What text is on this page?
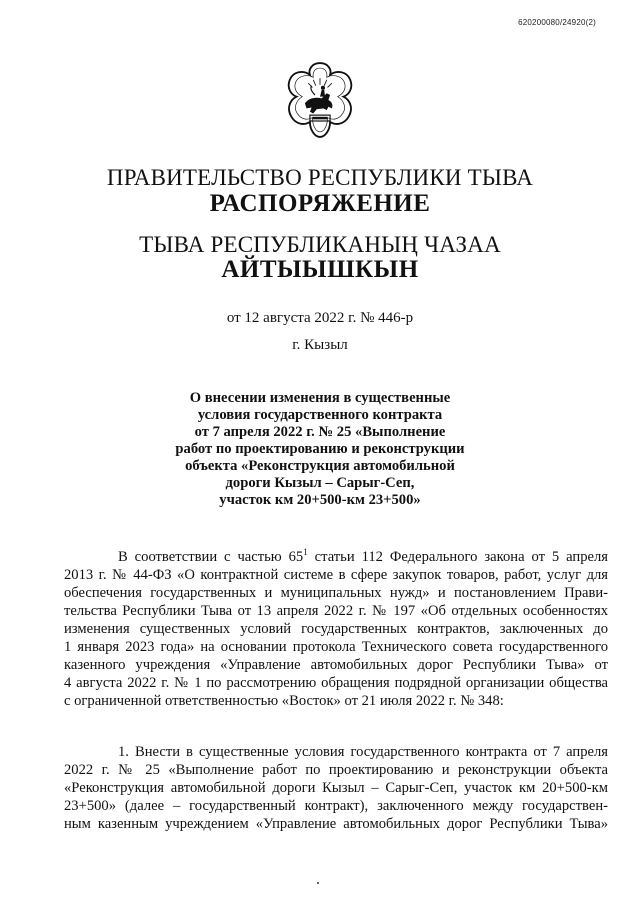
620200080/24920(2)
ПРАВИТЕЛЬСТВО РЕСПУБЛИКИ ТЫВА
РАСПОРЯЖЕНИЕ
ТЫВА РЕСПУБЛИКАНЫҢ ЧАЗАА
АЙТЫЫШКЫН
от 12 августа 2022 г. № 446-р
г. Кызыл
О внесении изменения в существенные
условия государственного контракта
от 7 апреля 2022 г. № 25 «Выполнение
работ по проектированию и реконструкции
объекта «Реконструкция автомобильной
дороги Кызыл – Сарыг-Сеп,
участок км 20+500-км 23+500»
В соответствии с частью $65^1$ статьи 112 Федерального закона от 5 апреля
2013 г. № 44-ФЗ «О контрактной системе в сфере закупок товаров, работ, услуг для
обеспечения государственных и муниципальных нужд» и постановлением Прави-
тельства Республики Тыва от 13 апреля 2022 г. № 197 «Об отдельных особенностях
изменения существенных условий государственных контрактов, заключенных до
1 января 2023 года» на основании протокола Технического совета государственного
казенного учреждения «Управление автомобильных дорог Республики Тыва» от
4 августа 2022 г. № 1 по рассмотрению обращения подрядной организации общества
с ограниченной ответственностью «Восток» от 21 июля 2022 г. № 348:
1. Внести в существенные условия государственного контракта от 7 апреля
2022 г. № 25 «Выполнение работ по проектированию и реконструкции объекта
«Реконструкция автомобильной дороги Кызыл – Сарыг-Сеп, участок км 20+500-км
23+500» (далее – государственный контракт), заключенного между государствен-
ным казенным учреждением «Управление автомобильных дорог Республики Тыва»
